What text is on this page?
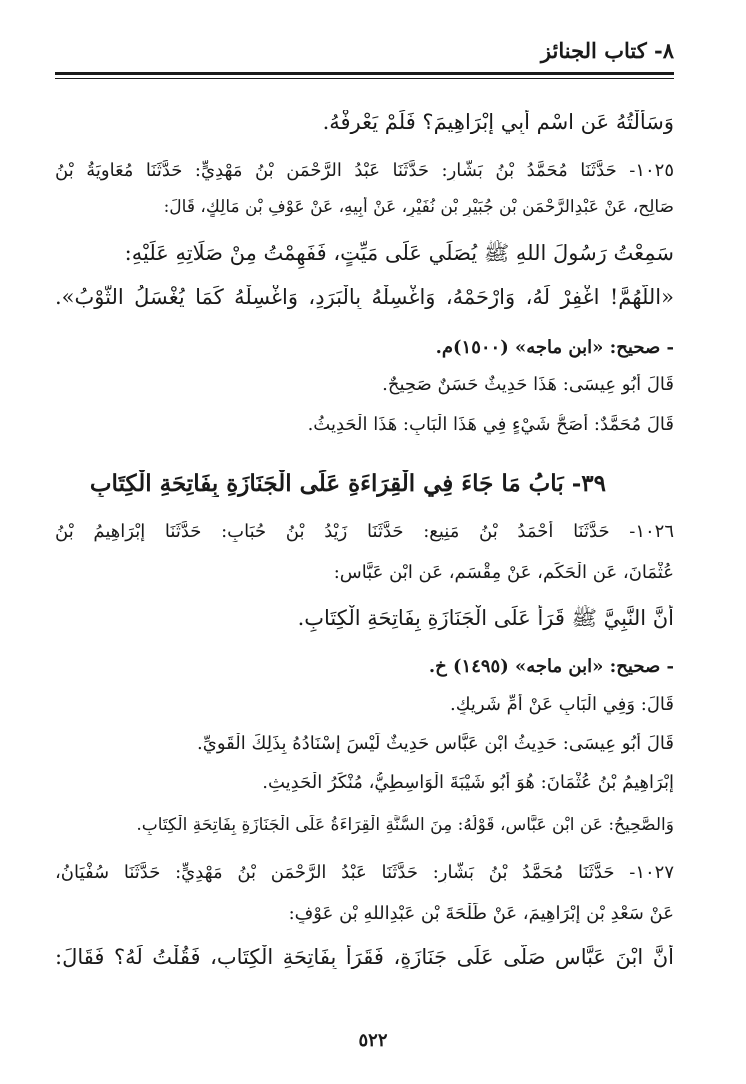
٨- كتاب الجنائز
وَسَأَلْتُهُ عَنِ اسْمِ أَبِي إِبْرَاهِيمَ؟ فَلَمْ يَعْرِفْهُ.
١٠٢٥- حَدَّثَنَا مُحَمَّدُ بْنُ بَشَّارٍ: حَدَّثَنَا عَبْدُ الرَّحْمَنِ بْنُ مَهْدِيٍّ: حَدَّثَنَا مُعَاوِيَةُ بْنُ
صَالِحٍ، عَنْ عَبْدِالرَّحْمَنِ بْنِ جُبَيْرِ بْنِ نُفَيْرٍ، عَنْ أَبِيهِ، عَنْ عَوْفِ بْنِ مَالِكٍ، قَالَ:
سَمِعْتُ رَسُولَ اللهِ ﷺ يُصَلِّي عَلَى مَيِّتٍ، فَفَهِمْتُ مِنْ صَلَاتِهِ عَلَيْهِ:
«اللَّهُمَّ! اغْفِرْ لَهُ، وَارْحَمْهُ، وَاغْسِلْهُ بِالْبَرَدِ، وَاغْسِلْهُ كَمَا يُغْسَلُ الثَّوْبُ».
- صحيح: «ابن ماجه» (١٥٠٠)م.
قَالَ أَبُو عِيسَى: هَذَا حَدِيثٌ حَسَنٌ صَحِيحٌ.
قَالَ مُحَمَّدٌ: أَصَحُّ شَيْءٍ فِي هَذَا الْبَابِ: هَذَا الْحَدِيثُ.
٣٩- بَابُ مَا جَاءَ فِي الْقِرَاءَةِ عَلَى الْجَنَازَةِ بِفَاتِحَةِ الْكِتَابِ
١٠٢٦- حَدَّثَنَا أَحْمَدُ بْنُ مَنِيعٍ: حَدَّثَنَا زَيْدُ بْنُ حُبَابٍ: حَدَّثَنَا إِبْرَاهِيمُ بْنُ
عُثْمَانَ، عَنِ الْحَكَمِ، عَنْ مِقْسَمٍ، عَنِ ابْنِ عَبَّاسٍ:
أَنَّ النَّبِيَّ ﷺ قَرَأَ عَلَى الْجَنَازَةِ بِفَاتِحَةِ الْكِتَابِ.
- صحيح: «ابن ماجه» (١٤٩٥) خ.
قَالَ: وَفِي الْبَابِ عَنْ أُمِّ شَرِيكٍ.
قَالَ أَبُو عِيسَى: حَدِيثُ ابْنِ عَبَّاسٍ حَدِيثٌ لَيْسَ إِسْنَادُهُ بِذَلِكَ الْقَوِيِّ.
إِبْرَاهِيمُ بْنُ عُثْمَانَ: هُوَ أَبُو شَيْبَةَ الْوَاسِطِيُّ، مُنْكَرُ الْحَدِيثِ.
وَالصَّحِيحُ: عَنِ ابْنِ عَبَّاسٍ، قَوْلُهُ: مِنَ السُّنَّةِ الْقِرَاءَةُ عَلَى الْجَنَازَةِ بِفَاتِحَةِ الْكِتَابِ.
١٠٢٧- حَدَّثَنَا مُحَمَّدُ بْنُ بَشَّارٍ: حَدَّثَنَا عَبْدُ الرَّحْمَنِ بْنُ مَهْدِيٍّ: حَدَّثَنَا سُفْيَانُ،
عَنْ سَعْدِ بْنِ إِبْرَاهِيمَ، عَنْ طَلْحَةَ بْنِ عَبْدِاللهِ بْنِ عَوْفٍ:
أَنَّ ابْنَ عَبَّاسٍ صَلَّى عَلَى جَنَازَةٍ، فَقَرَأَ بِفَاتِحَةِ الْكِتَابِ، فَقُلْتُ لَهُ؟ فَقَالَ:
٥٢٢
